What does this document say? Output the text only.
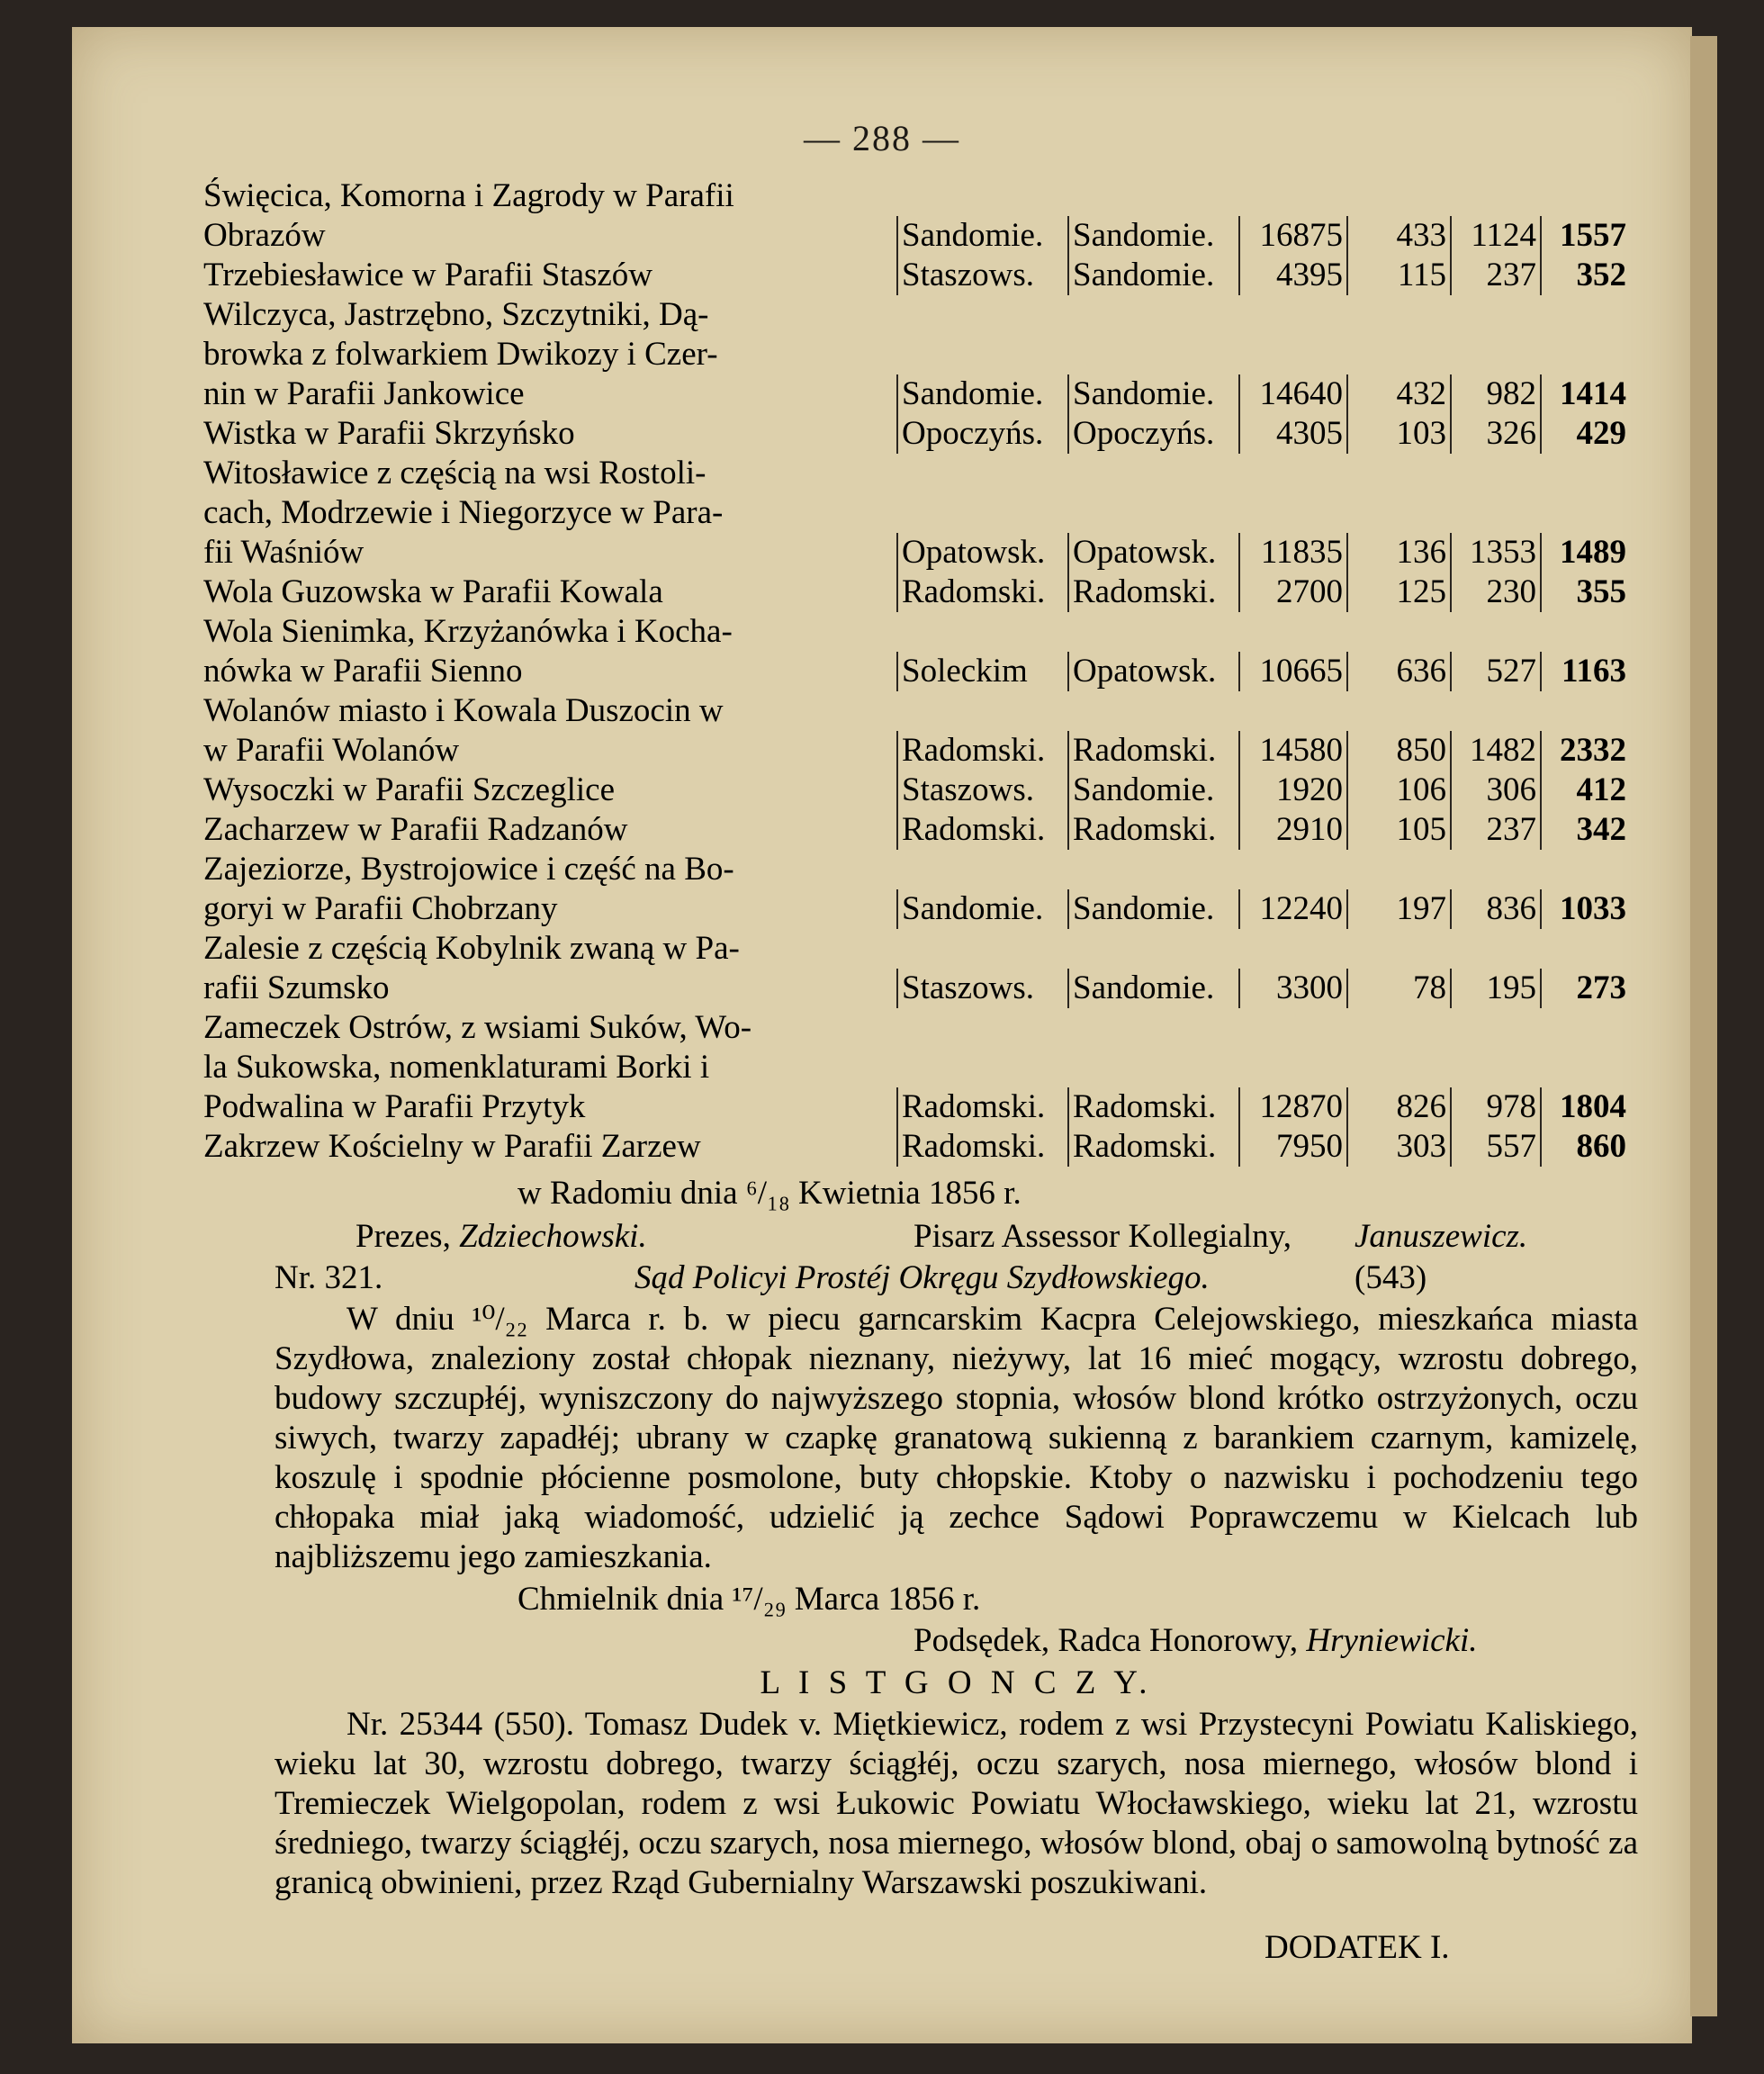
— 288 —
Święcica, Komorna i Zagrody w Parafii
Obrazów	Sandomie. Sandomie.	16875	433 1124 1557
Trzebiesławice w Parafii Staszów	Staszows.	Sandomie.	4395	115	237	352
Wilczyca, Jastrzębno, Szczytniki, Dą-
browka z folwarkiem Dwikozy i Czer-
nin w Parafii Jankowice	Sandomie. Sandomie.	14640	432	982 1414
Wistka w Parafii Skrzyńsko	Opoczyńs. Opoczyńs.	4305	103	326	429
Witosławice z częścią na wsi Rostoli-
cach, Modrzewie i Niegorzyce w Para-
fii Waśniów	Opatowsk. Opatowsk.	11835	136 1353 1489
Wola Guzowska w Parafii Kowala	Radomski. Radomski.	2700	125	230	355
Wola Sienimka, Krzyżanówka i Kocha-
nówka w Parafii Sienno	Soleckim	Opatowsk.	10665	636	527 1163
Wolanów miasto i Kowala Duszocin w
w Parafii Wolanów	Radomski. Radomski.	14580	850 1482 2332
Wysoczki w Parafii Szczeglice	Staszows.	Sandomie.	1920	106	306	412
Zacharzew w Parafii Radzanów	Radomski. Radomski.	2910	105	237	342
Zajeziorze, Bystrojowice i część na Bo-
goryi w Parafii Chobrzany	Sandomie. Sandomie.	12240	197	836 1033
Zalesie z częścią Kobylnik zwaną w Pa-
rafii Szumsko	Staszows.	Sandomie.	3300	78	195	273
Zameczek Ostrów, z wsiami Suków, Wo-
la Sukowska, nomenklaturami Borki i
Podwalina w Parafii Przytyk	Radomski. Radomski.	12870	826	978 1804
Zakrzew Kościelny w Parafii Zarzew	Radomski. Radomski.	7950	303	557	860
w Radomiu dnia ⁶/₁₈ Kwietnia 1856 r.
Prezes, Zdziechowski.	Pisarz Assessor Kollegialny, Januszewicz.
Nr. 321.	Sąd Policyi Prostéj Okręgu Szydłowskiego.	(543)
W dniu ¹⁰/₂₂ Marca r. b. w piecu garncarskim Kacpra Celejowskiego, mieszkańca miasta Szydłowa, znaleziony został chłopak nieznany, nieżywy, lat 16 mieć mogący, wzrostu dobrego, budowy szczupłéj, wyniszczony do najwyższego stopnia, włosów blond krótko ostrzyżonych, oczu siwych, twarzy zapadłéj; ubrany w czapkę granatową sukienną z barankiem czarnym, kamizelę, koszulę i spodnie płócienne posmolone, buty chłopskie. Ktoby o nazwisku i pochodzeniu tego chłopaka miał jaką wiadomość, udzielić ją zechce Sądowi Poprawczemu w Kielcach lub najbliższemu jego zamieszkania.
Chmielnik dnia ¹⁷/₂₉ Marca 1856 r.
Podsędek, Radca Honorowy, Hryniewicki.
L I S T G O N C Z Y.
Nr. 25344 (550). Tomasz Dudek v. Miętkiewicz, rodem z wsi Przystecyni Powiatu Kaliskiego, wieku lat 30, wzrostu dobrego, twarzy ściągłéj, oczu szarych, nosa miernego, włosów blond i Tremieczek Wielgopolan, rodem z wsi Łukowic Powiatu Włocławskiego, wieku lat 21, wzrostu średniego, twarzy ściągłéj, oczu szarych, nosa miernego, włosów blond, obaj o samowolną bytność za granicą obwinieni, przez Rząd Gubernialny Warszawski poszukiwani.
DODATEK I.
